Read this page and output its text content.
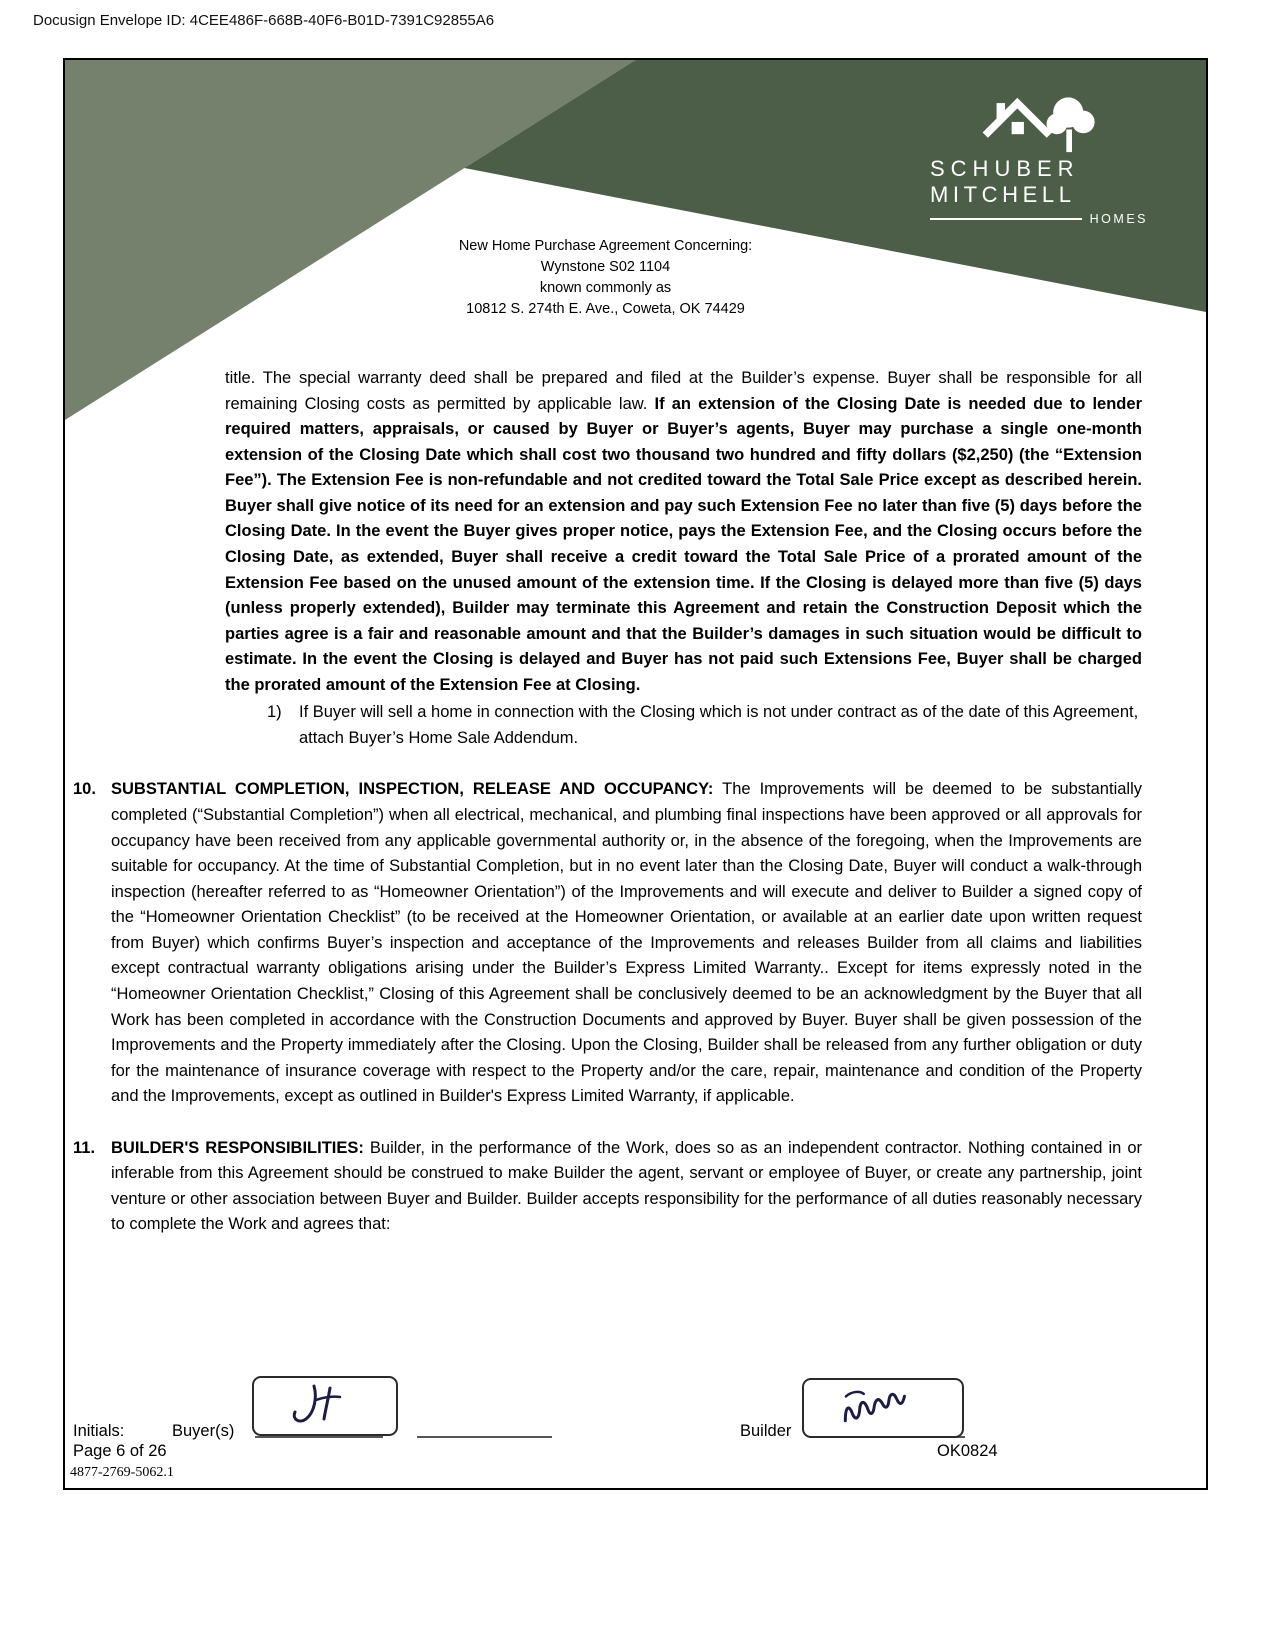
Docusign Envelope ID: 4CEE486F-668B-40F6-B01D-7391C92855A6
SCHUBER
MITCHELL
HOMES
New Home Purchase Agreement Concerning:
Wynstone S02 1104
known commonly as
10812 S. 274th E. Ave., Coweta, OK 74429

title. The special warranty deed shall be prepared and filed at the Builder’s expense. Buyer shall be responsible for all remaining Closing costs as permitted by applicable law. If an extension of the Closing Date is needed due to lender required matters, appraisals, or caused by Buyer or Buyer’s agents, Buyer may purchase a single one-month extension of the Closing Date which shall cost two thousand two hundred and fifty dollars ($2,250) (the “Extension Fee”). The Extension Fee is non-refundable and not credited toward the Total Sale Price except as described herein. Buyer shall give notice of its need for an extension and pay such Extension Fee no later than five (5) days before the Closing Date. In the event the Buyer gives proper notice, pays the Extension Fee, and the Closing occurs before the Closing Date, as extended, Buyer shall receive a credit toward the Total Sale Price of a prorated amount of the Extension Fee based on the unused amount of the extension time. If the Closing is delayed more than five (5) days (unless properly extended), Builder may terminate this Agreement and retain the Construction Deposit which the parties agree is a fair and reasonable amount and that the Builder’s damages in such situation would be difficult to estimate. In the event the Closing is delayed and Buyer has not paid such Extensions Fee, Buyer shall be charged the prorated amount of the Extension Fee at Closing.

1)	If Buyer will sell a home in connection with the Closing which is not under contract as of the date of this Agreement, attach Buyer’s Home Sale Addendum.
10. SUBSTANTIAL COMPLETION, INSPECTION, RELEASE AND OCCUPANCY: The Improvements will be deemed to be substantially completed (“Substantial Completion”) when all electrical, mechanical, and plumbing final inspections have been approved or all approvals for occupancy have been received from any applicable governmental authority or, in the absence of the foregoing, when the Improvements are suitable for occupancy. At the time of Substantial Completion, but in no event later than the Closing Date, Buyer will conduct a walk-through inspection (hereafter referred to as “Homeowner Orientation”) of the Improvements and will execute and deliver to Builder a signed copy of the “Homeowner Orientation Checklist” (to be received at the Homeowner Orientation, or available at an earlier date upon written request from Buyer) which confirms Buyer’s inspection and acceptance of the Improvements and releases Builder from all claims and liabilities except contractual warranty obligations arising under the Builder’s Express Limited Warranty.. Except for items expressly noted in the “Homeowner Orientation Checklist,” Closing of this Agreement shall be conclusively deemed to be an acknowledgment by the Buyer that all Work has been completed in accordance with the Construction Documents and approved by Buyer. Buyer shall be given possession of the Improvements and the Property immediately after the Closing. Upon the Closing, Builder shall be released from any further obligation or duty for the maintenance of insurance coverage with respect to the Property and/or the care, repair, maintenance and condition of the Property and the Improvements, except as outlined in Builder's Express Limited Warranty, if applicable.
11. BUILDER'S RESPONSIBILITIES: Builder, in the performance of the Work, does so as an independent contractor. Nothing contained in or inferable from this Agreement should be construed to make Builder the agent, servant or employee of Buyer, or create any partnership, joint venture or other association between Buyer and Builder. Builder accepts responsibility for the performance of all duties reasonably necessary to complete the Work and agrees that:
Initials:	Buyer(s)	Builder
OK0824
Page 6 of 26
4877-2769-5062.1
